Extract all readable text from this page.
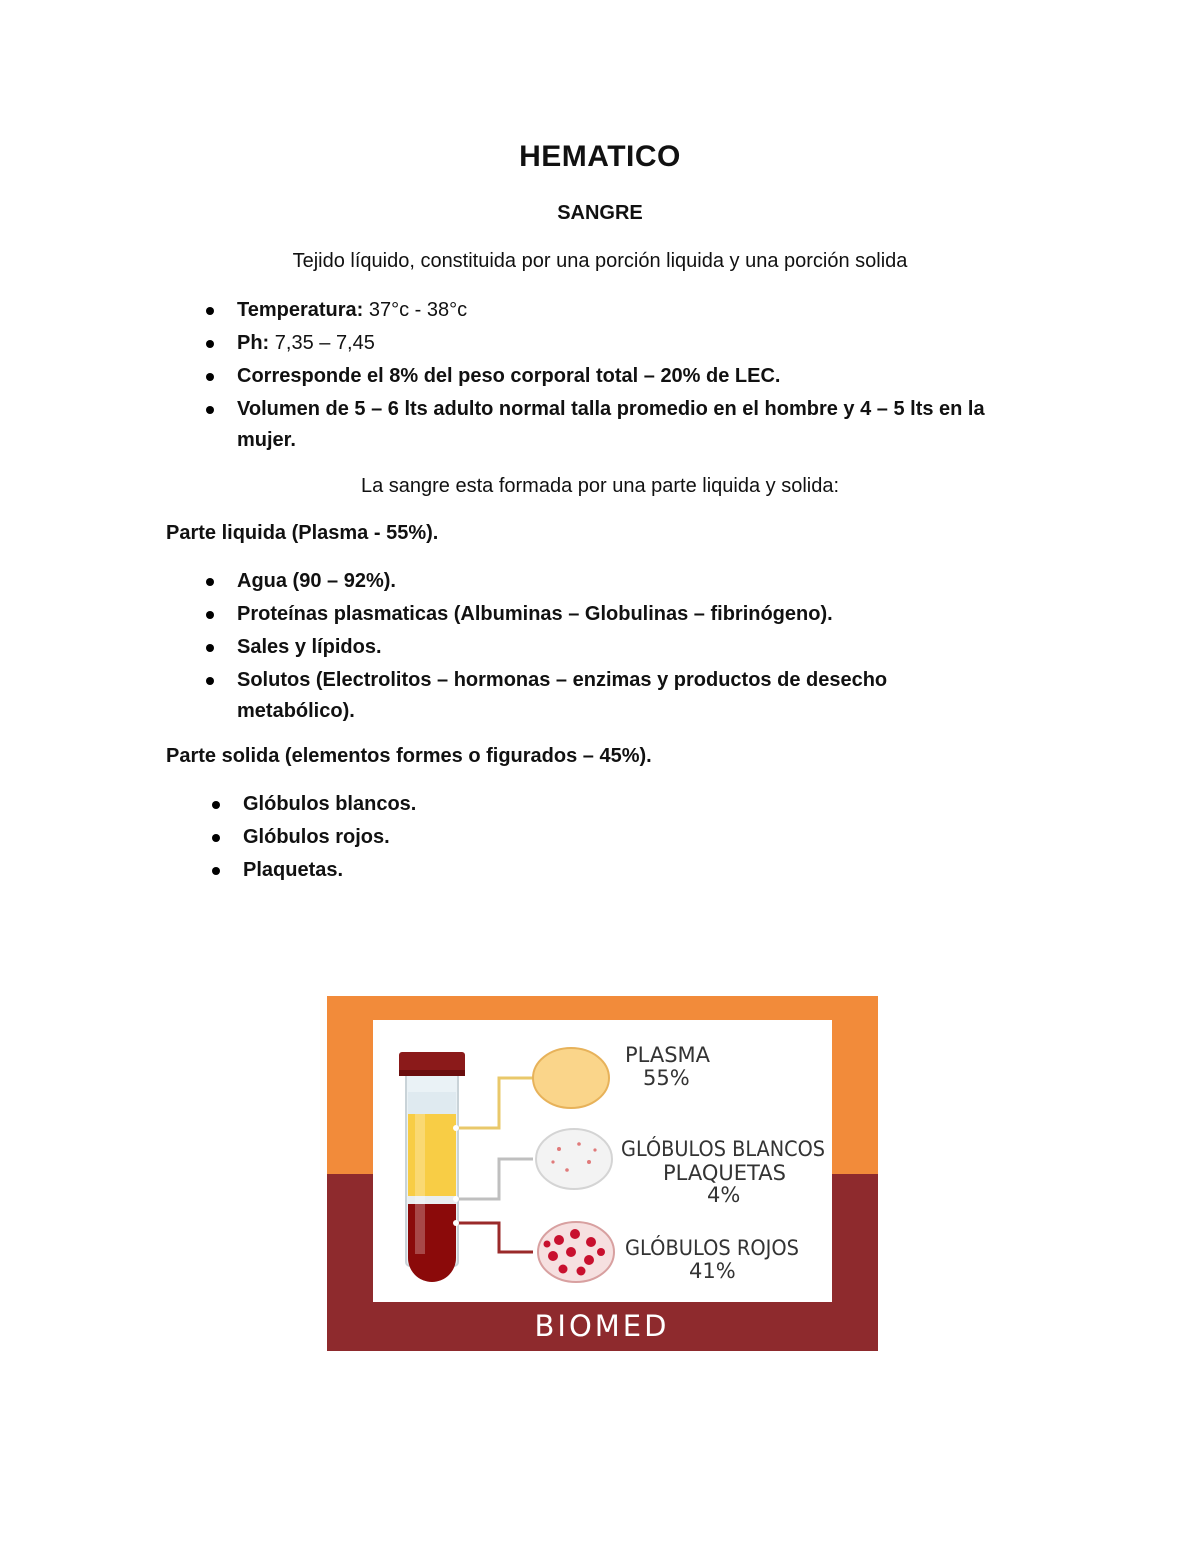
HEMATICO
SANGRE

Tejido líquido, constituida por una porción liquida y una porción solida

Temperatura: 37°c - 38°c
Ph: 7,35 – 7,45
Corresponde el 8% del peso corporal total – 20% de LEC.
Volumen de 5 – 6 lts adulto normal talla promedio en el hombre y 4 – 5 lts en la mujer.

La sangre esta formada por una parte liquida y solida:

Parte liquida (Plasma - 55%).

Agua (90 – 92%).
Proteínas plasmaticas (Albuminas – Globulinas – fibrinógeno).
Sales y lípidos.
Solutos (Electrolitos – hormonas – enzimas y productos de desecho metabólico).

Parte solida (elementos formes o figurados – 45%).

Glóbulos blancos.
Glóbulos rojos.
Plaquetas.
PLASMA
55%
GLÓBULOS BLANCOS
PLAQUETAS
4%
GLÓBULOS ROJOS
41%
BIOMED
